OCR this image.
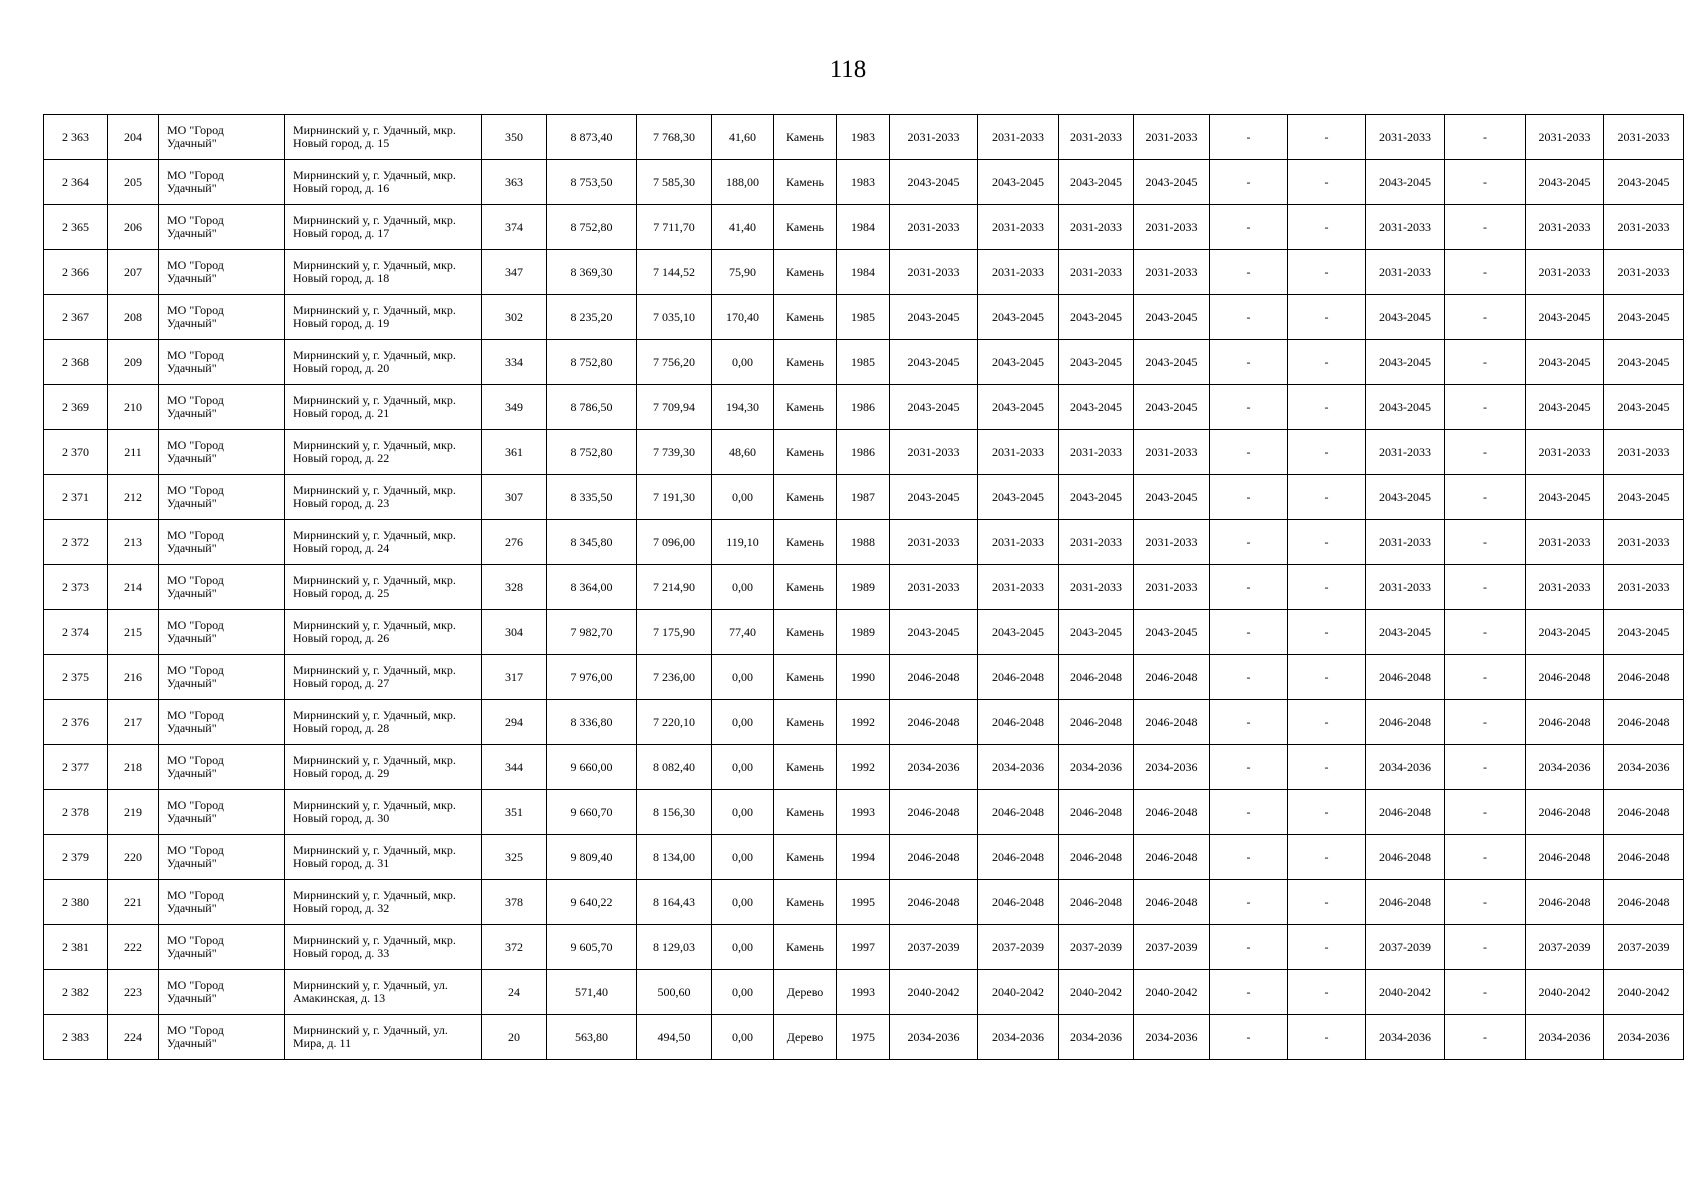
118
2 363	204	МО "Город Удачный"	Мирнинский у, г. Удачный, мкр. Новый город, д. 15	350	8 873,40	7 768,30	41,60	Камень	1983	2031-2033	2031-2033	2031-2033	2031-2033	-	-	2031-2033	-	2031-2033	2031-2033
2 364	205	МО "Город Удачный"	Мирнинский у, г. Удачный, мкр. Новый город, д. 16	363	8 753,50	7 585,30	188,00	Камень	1983	2043-2045	2043-2045	2043-2045	2043-2045	-	-	2043-2045	-	2043-2045	2043-2045
2 365	206	МО "Город Удачный"	Мирнинский у, г. Удачный, мкр. Новый город, д. 17	374	8 752,80	7 711,70	41,40	Камень	1984	2031-2033	2031-2033	2031-2033	2031-2033	-	-	2031-2033	-	2031-2033	2031-2033
2 366	207	МО "Город Удачный"	Мирнинский у, г. Удачный, мкр. Новый город, д. 18	347	8 369,30	7 144,52	75,90	Камень	1984	2031-2033	2031-2033	2031-2033	2031-2033	-	-	2031-2033	-	2031-2033	2031-2033
2 367	208	МО "Город Удачный"	Мирнинский у, г. Удачный, мкр. Новый город, д. 19	302	8 235,20	7 035,10	170,40	Камень	1985	2043-2045	2043-2045	2043-2045	2043-2045	-	-	2043-2045	-	2043-2045	2043-2045
2 368	209	МО "Город Удачный"	Мирнинский у, г. Удачный, мкр. Новый город, д. 20	334	8 752,80	7 756,20	0,00	Камень	1985	2043-2045	2043-2045	2043-2045	2043-2045	-	-	2043-2045	-	2043-2045	2043-2045
2 369	210	МО "Город Удачный"	Мирнинский у, г. Удачный, мкр. Новый город, д. 21	349	8 786,50	7 709,94	194,30	Камень	1986	2043-2045	2043-2045	2043-2045	2043-2045	-	-	2043-2045	-	2043-2045	2043-2045
2 370	211	МО "Город Удачный"	Мирнинский у, г. Удачный, мкр. Новый город, д. 22	361	8 752,80	7 739,30	48,60	Камень	1986	2031-2033	2031-2033	2031-2033	2031-2033	-	-	2031-2033	-	2031-2033	2031-2033
2 371	212	МО "Город Удачный"	Мирнинский у, г. Удачный, мкр. Новый город, д. 23	307	8 335,50	7 191,30	0,00	Камень	1987	2043-2045	2043-2045	2043-2045	2043-2045	-	-	2043-2045	-	2043-2045	2043-2045
2 372	213	МО "Город Удачный"	Мирнинский у, г. Удачный, мкр. Новый город, д. 24	276	8 345,80	7 096,00	119,10	Камень	1988	2031-2033	2031-2033	2031-2033	2031-2033	-	-	2031-2033	-	2031-2033	2031-2033
2 373	214	МО "Город Удачный"	Мирнинский у, г. Удачный, мкр. Новый город, д. 25	328	8 364,00	7 214,90	0,00	Камень	1989	2031-2033	2031-2033	2031-2033	2031-2033	-	-	2031-2033	-	2031-2033	2031-2033
2 374	215	МО "Город Удачный"	Мирнинский у, г. Удачный, мкр. Новый город, д. 26	304	7 982,70	7 175,90	77,40	Камень	1989	2043-2045	2043-2045	2043-2045	2043-2045	-	-	2043-2045	-	2043-2045	2043-2045
2 375	216	МО "Город Удачный"	Мирнинский у, г. Удачный, мкр. Новый город, д. 27	317	7 976,00	7 236,00	0,00	Камень	1990	2046-2048	2046-2048	2046-2048	2046-2048	-	-	2046-2048	-	2046-2048	2046-2048
2 376	217	МО "Город Удачный"	Мирнинский у, г. Удачный, мкр. Новый город, д. 28	294	8 336,80	7 220,10	0,00	Камень	1992	2046-2048	2046-2048	2046-2048	2046-2048	-	-	2046-2048	-	2046-2048	2046-2048
2 377	218	МО "Город Удачный"	Мирнинский у, г. Удачный, мкр. Новый город, д. 29	344	9 660,00	8 082,40	0,00	Камень	1992	2034-2036	2034-2036	2034-2036	2034-2036	-	-	2034-2036	-	2034-2036	2034-2036
2 378	219	МО "Город Удачный"	Мирнинский у, г. Удачный, мкр. Новый город, д. 30	351	9 660,70	8 156,30	0,00	Камень	1993	2046-2048	2046-2048	2046-2048	2046-2048	-	-	2046-2048	-	2046-2048	2046-2048
2 379	220	МО "Город Удачный"	Мирнинский у, г. Удачный, мкр. Новый город, д. 31	325	9 809,40	8 134,00	0,00	Камень	1994	2046-2048	2046-2048	2046-2048	2046-2048	-	-	2046-2048	-	2046-2048	2046-2048
2 380	221	МО "Город Удачный"	Мирнинский у, г. Удачный, мкр. Новый город, д. 32	378	9 640,22	8 164,43	0,00	Камень	1995	2046-2048	2046-2048	2046-2048	2046-2048	-	-	2046-2048	-	2046-2048	2046-2048
2 381	222	МО "Город Удачный"	Мирнинский у, г. Удачный, мкр. Новый город, д. 33	372	9 605,70	8 129,03	0,00	Камень	1997	2037-2039	2037-2039	2037-2039	2037-2039	-	-	2037-2039	-	2037-2039	2037-2039
2 382	223	МО "Город Удачный"	Мирнинский у, г. Удачный, ул. Амакинская, д. 13	24	571,40	500,60	0,00	Дерево	1993	2040-2042	2040-2042	2040-2042	2040-2042	-	-	2040-2042	-	2040-2042	2040-2042
2 383	224	МО "Город Удачный"	Мирнинский у, г. Удачный, ул. Мира, д. 11	20	563,80	494,50	0,00	Дерево	1975	2034-2036	2034-2036	2034-2036	2034-2036	-	-	2034-2036	-	2034-2036	2034-2036
